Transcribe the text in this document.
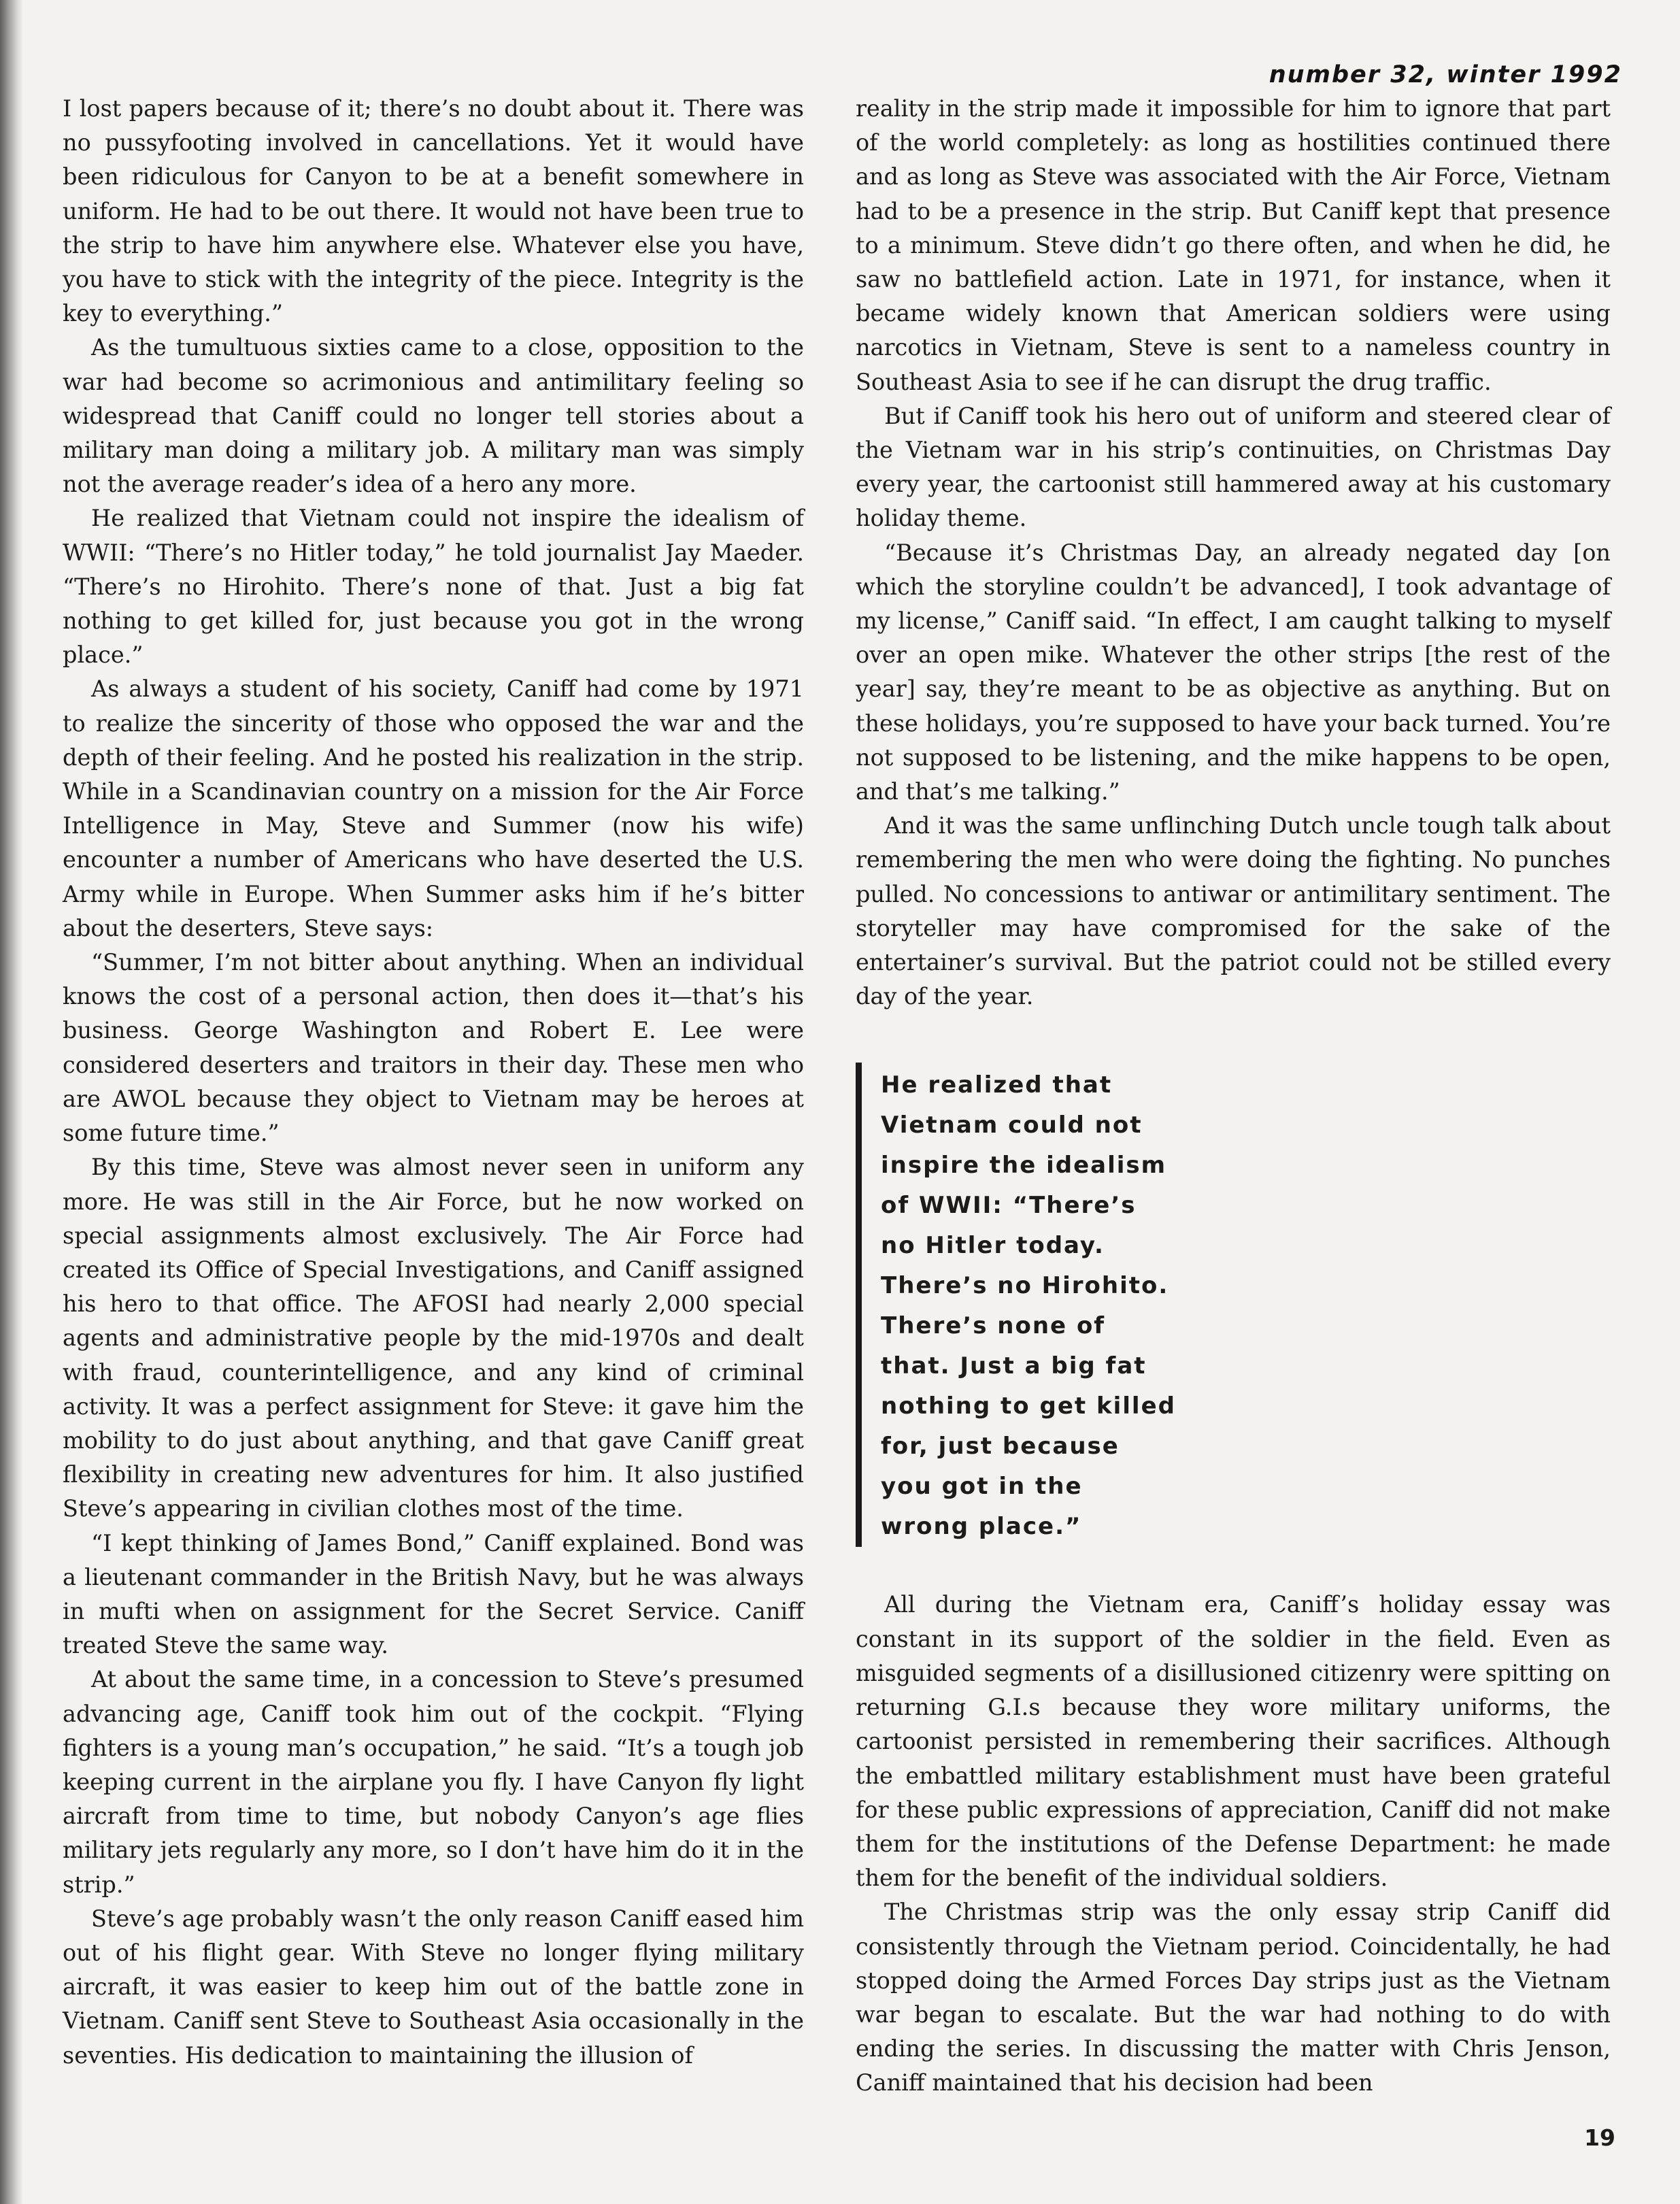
number 32, winter 1992

I lost papers because of it; there’s no doubt about it. There was no pussyfooting involved in cancellations. Yet it would have been ridiculous for Canyon to be at a benefit somewhere in uniform. He had to be out there. It would not have been true to the strip to have him anywhere else. Whatever else you have, you have to stick with the integrity of the piece. Integrity is the key to everything.”

As the tumultuous sixties came to a close, opposition to the war had become so acrimonious and antimilitary feeling so widespread that Caniff could no longer tell stories about a military man doing a military job. A military man was simply not the average reader’s idea of a hero any more.

He realized that Vietnam could not inspire the idealism of WWII: “There’s no Hitler today,” he told journalist Jay Maeder. “There’s no Hirohito. There’s none of that. Just a big fat nothing to get killed for, just because you got in the wrong place.”

As always a student of his society, Caniff had come by 1971 to realize the sincerity of those who opposed the war and the depth of their feeling. And he posted his realization in the strip. While in a Scandinavian country on a mission for the Air Force Intelligence in May, Steve and Summer (now his wife) encounter a number of Americans who have deserted the U.S. Army while in Europe. When Summer asks him if he’s bitter about the deserters, Steve says:

“Summer, I’m not bitter about anything. When an individual knows the cost of a personal action, then does it—that’s his business. George Washington and Robert E. Lee were considered deserters and traitors in their day. These men who are AWOL because they object to Vietnam may be heroes at some future time.”

By this time, Steve was almost never seen in uniform any more. He was still in the Air Force, but he now worked on special assignments almost exclusively. The Air Force had created its Office of Special Investigations, and Caniff assigned his hero to that office. The AFOSI had nearly 2,000 special agents and administrative people by the mid-1970s and dealt with fraud, counterintelligence, and any kind of criminal activity. It was a perfect assignment for Steve: it gave him the mobility to do just about anything, and that gave Caniff great flexibility in creating new adventures for him. It also justified Steve’s appearing in civilian clothes most of the time.

“I kept thinking of James Bond,” Caniff explained. Bond was a lieutenant commander in the British Navy, but he was always in mufti when on assignment for the Secret Service. Caniff treated Steve the same way.

At about the same time, in a concession to Steve’s presumed advancing age, Caniff took him out of the cockpit. “Flying fighters is a young man’s occupation,” he said. “It’s a tough job keeping current in the airplane you fly. I have Canyon fly light aircraft from time to time, but nobody Canyon’s age flies military jets regularly any more, so I don’t have him do it in the strip.”

Steve’s age probably wasn’t the only reason Caniff eased him out of his flight gear. With Steve no longer flying military aircraft, it was easier to keep him out of the battle zone in Vietnam. Caniff sent Steve to Southeast Asia occasionally in the seventies. His dedication to maintaining the illusion of

reality in the strip made it impossible for him to ignore that part of the world completely: as long as hostilities continued there and as long as Steve was associated with the Air Force, Vietnam had to be a presence in the strip. But Caniff kept that presence to a minimum. Steve didn’t go there often, and when he did, he saw no battlefield action. Late in 1971, for instance, when it became widely known that American soldiers were using narcotics in Vietnam, Steve is sent to a nameless country in Southeast Asia to see if he can disrupt the drug traffic.

But if Caniff took his hero out of uniform and steered clear of the Vietnam war in his strip’s continuities, on Christmas Day every year, the cartoonist still hammered away at his customary holiday theme.

“Because it’s Christmas Day, an already negated day [on which the storyline couldn’t be advanced], I took advantage of my license,” Caniff said. “In effect, I am caught talking to myself over an open mike. Whatever the other strips [the rest of the year] say, they’re meant to be as objective as anything. But on these holidays, you’re supposed to have your back turned. You’re not supposed to be listening, and the mike happens to be open, and that’s me talking.”

And it was the same unflinching Dutch uncle tough talk about remembering the men who were doing the fighting. No punches pulled. No concessions to antiwar or antimilitary sentiment. The storyteller may have compromised for the sake of the entertainer’s survival. But the patriot could not be stilled every day of the year.

He realized that
Vietnam could not
inspire the idealism
of WWII: “There’s
no Hitler today.
There’s no Hirohito.
There’s none of
that. Just a big fat
nothing to get killed
for, just because
you got in the
wrong place.”

All during the Vietnam era, Caniff’s holiday essay was constant in its support of the soldier in the field. Even as misguided segments of a disillusioned citizenry were spitting on returning G.I.s because they wore military uniforms, the cartoonist persisted in remembering their sacrifices. Although the embattled military establishment must have been grateful for these public expressions of appreciation, Caniff did not make them for the institutions of the Defense Department: he made them for the benefit of the individual soldiers.

The Christmas strip was the only essay strip Caniff did consistently through the Vietnam period. Coincidentally, he had stopped doing the Armed Forces Day strips just as the Vietnam war began to escalate. But the war had nothing to do with ending the series. In discussing the matter with Chris Jenson, Caniff maintained that his decision had been

19
